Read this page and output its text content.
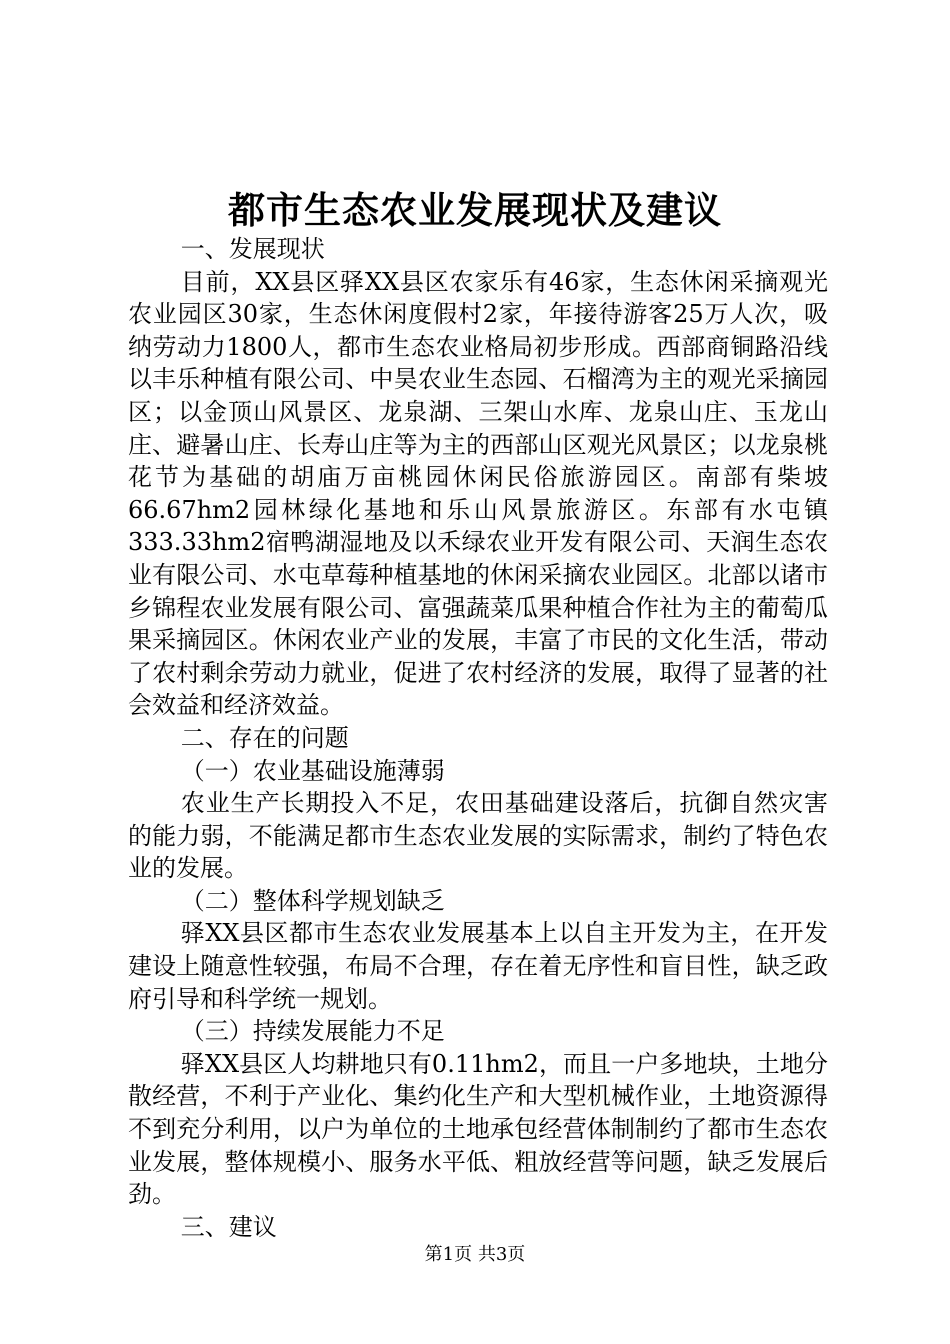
都市生态农业发展现状及建议

一、发展现状

目前，XX县区驿XX县区农家乐有46家，生态休闲采摘观光农业园区30家，生态休闲度假村2家，年接待游客25万人次，吸纳劳动力1800人，都市生态农业格局初步形成。西部商铜路沿线以丰乐种植有限公司、中昊农业生态园、石榴湾为主的观光采摘园区；以金顶山风景区、龙泉湖、三架山水库、龙泉山庄、玉龙山庄、避暑山庄、长寿山庄等为主的西部山区观光风景区；以龙泉桃花节为基础的胡庙万亩桃园休闲民俗旅游园区。南部有柴坡66.67hm2园林绿化基地和乐山风景旅游区。东部有水屯镇333.33hm2宿鸭湖湿地及以禾绿农业开发有限公司、天润生态农业有限公司、水屯草莓种植基地的休闲采摘农业园区。北部以诸市乡锦程农业发展有限公司、富强蔬菜瓜果种植合作社为主的葡萄瓜果采摘园区。休闲农业产业的发展，丰富了市民的文化生活，带动了农村剩余劳动力就业，促进了农村经济的发展，取得了显著的社会效益和经济效益。

二、存在的问题

（一）农业基础设施薄弱

农业生产长期投入不足，农田基础建设落后，抗御自然灾害的能力弱，不能满足都市生态农业发展的实际需求，制约了特色农业的发展。

（二）整体科学规划缺乏

驿XX县区都市生态农业发展基本上以自主开发为主，在开发建设上随意性较强，布局不合理，存在着无序性和盲目性，缺乏政府引导和科学统一规划。

（三）持续发展能力不足

驿XX县区人均耕地只有0.11hm2，而且一户多地块，土地分散经营，不利于产业化、集约化生产和大型机械作业，土地资源得不到充分利用，以户为单位的土地承包经营体制制约了都市生态农业发展，整体规模小、服务水平低、粗放经营等问题，缺乏发展后劲。

三、建议

第1页 共3页
